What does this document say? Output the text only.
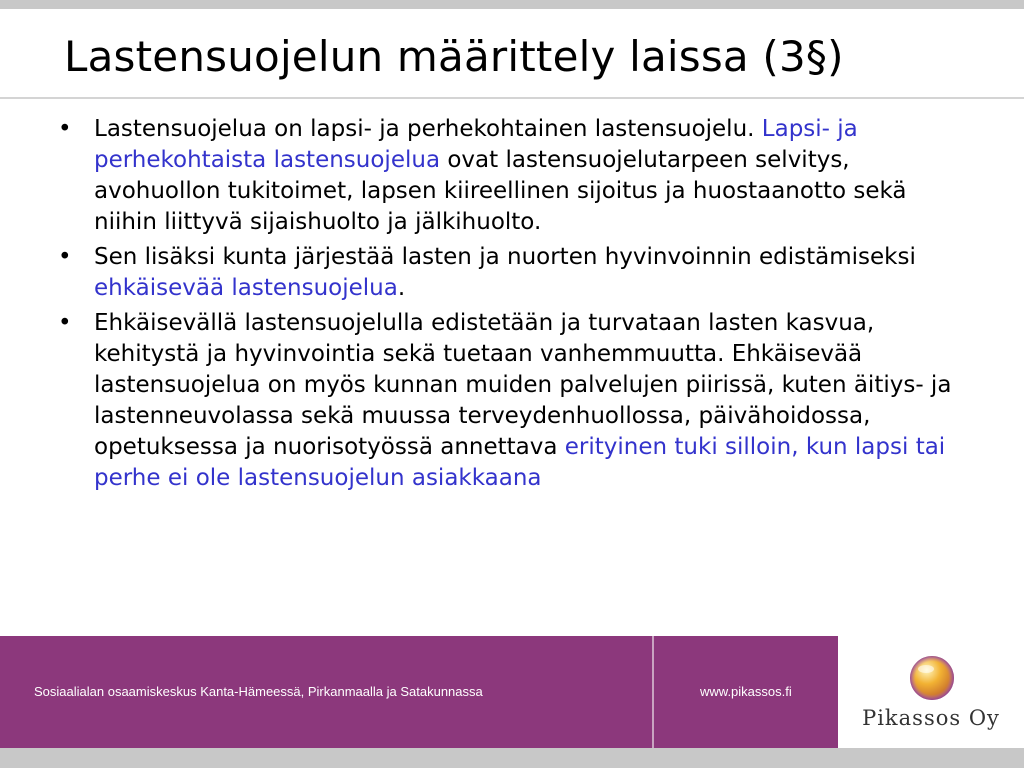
Lastensuojelun määrittely laissa (3§)
• Lastensuojelua on lapsi- ja perhekohtainen lastensuojelu. Lapsi- ja perhekohtaista lastensuojelua ovat lastensuojelutarpeen selvitys, avohuollon tukitoimet, lapsen kiireellinen sijoitus ja huostaanotto sekä niihin liittyvä sijaishuolto ja jälkihuolto.
• Sen lisäksi kunta järjestää lasten ja nuorten hyvinvoinnin edistämiseksi ehkäisevää lastensuojelua.
• Ehkäisevällä lastensuojelulla edistetään ja turvataan lasten kasvua, kehitystä ja hyvinvointia sekä tuetaan vanhemmuutta. Ehkäisevää lastensuojelua on myös kunnan muiden palvelujen piirissä, kuten äitiys- ja lastenneuvolassa sekä muussa terveydenhuollossa, päivähoidossa, opetuksessa ja nuorisotyössä annettava erityinen tuki silloin, kun lapsi tai perhe ei ole lastensuojelun asiakkaana
Sosiaalialan osaamiskeskus Kanta-Hämeessä, Pirkanmaalla ja Satakunnassa	www.pikassos.fi
Pikassos Oy
